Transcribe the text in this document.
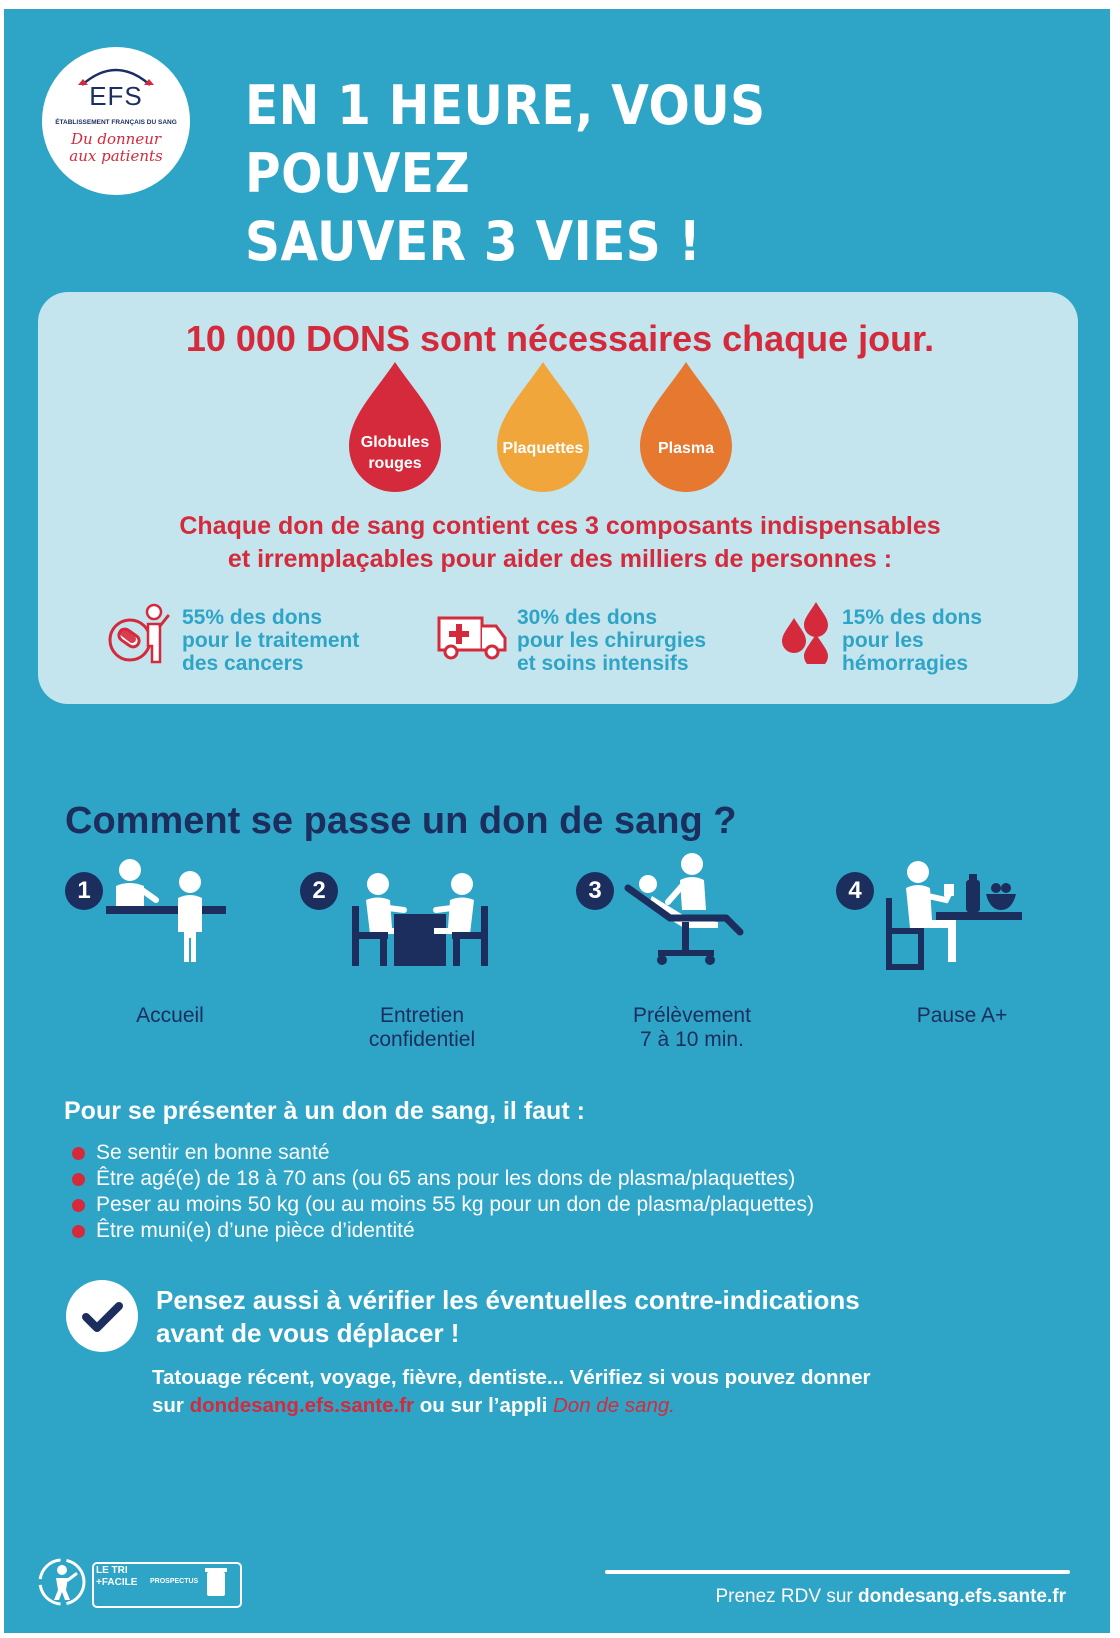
EFS
ÉTABLISSEMENT FRANÇAIS DU SANG
Du donneur
aux patients
EN 1 HEURE, VOUS POUVEZ
SAUVER 3 VIES !
10 000 DONS sont nécessaires chaque jour.
Globules
rouges
Plaquettes	Plasma
Chaque don de sang contient ces 3 composants indispensables
et irremplaçables pour aider des milliers de personnes :
55% des dons
pour le traitement
des cancers
30% des dons
pour les chirurgies
et soins intensifs
15% des dons
pour les
hémorragies
Comment se passe un don de sang ?
1	2	3	4
Accueil	Entretien
confidentiel
Prélèvement
7 à 10 min.
Pause A+
Pour se présenter à un don de sang, il faut :
Se sentir en bonne santé
Être agé(e) de 18 à 70 ans (ou 65 ans pour les dons de plasma/plaquettes)
Peser au moins 50 kg (ou au moins 55 kg pour un don de plasma/plaquettes)
Être muni(e) d’une pièce d’identité
Pensez aussi à vérifier les éventuelles contre-indications
avant de vous déplacer !
Tatouage récent, voyage, fièvre, dentiste... Vérifiez si vous pouvez donner
sur dondesang.efs.sante.fr ou sur l’appli Don de sang.
LE TRI
+FACILE PROSPECTUS
Prenez RDV sur dondesang.efs.sante.fr
